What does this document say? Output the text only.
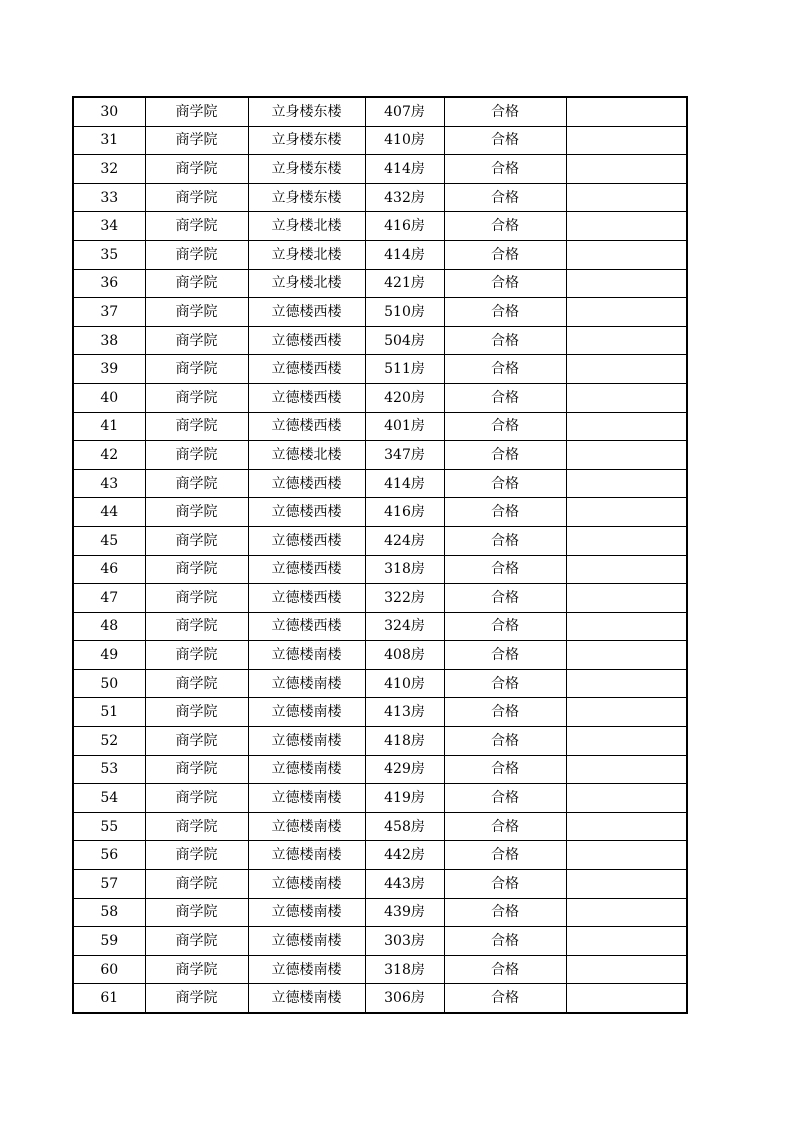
30	商学院	立身楼东楼	407房	合格	
31	商学院	立身楼东楼	410房	合格	
32	商学院	立身楼东楼	414房	合格	
33	商学院	立身楼东楼	432房	合格	
34	商学院	立身楼北楼	416房	合格	
35	商学院	立身楼北楼	414房	合格	
36	商学院	立身楼北楼	421房	合格	
37	商学院	立德楼西楼	510房	合格	
38	商学院	立德楼西楼	504房	合格	
39	商学院	立德楼西楼	511房	合格	
40	商学院	立德楼西楼	420房	合格	
41	商学院	立德楼西楼	401房	合格	
42	商学院	立德楼北楼	347房	合格	
43	商学院	立德楼西楼	414房	合格	
44	商学院	立德楼西楼	416房	合格	
45	商学院	立德楼西楼	424房	合格	
46	商学院	立德楼西楼	318房	合格	
47	商学院	立德楼西楼	322房	合格	
48	商学院	立德楼西楼	324房	合格	
49	商学院	立德楼南楼	408房	合格	
50	商学院	立德楼南楼	410房	合格	
51	商学院	立德楼南楼	413房	合格	
52	商学院	立德楼南楼	418房	合格	
53	商学院	立德楼南楼	429房	合格	
54	商学院	立德楼南楼	419房	合格	
55	商学院	立德楼南楼	458房	合格	
56	商学院	立德楼南楼	442房	合格	
57	商学院	立德楼南楼	443房	合格	
58	商学院	立德楼南楼	439房	合格	
59	商学院	立德楼南楼	303房	合格	
60	商学院	立德楼南楼	318房	合格	
61	商学院	立德楼南楼	306房	合格	
